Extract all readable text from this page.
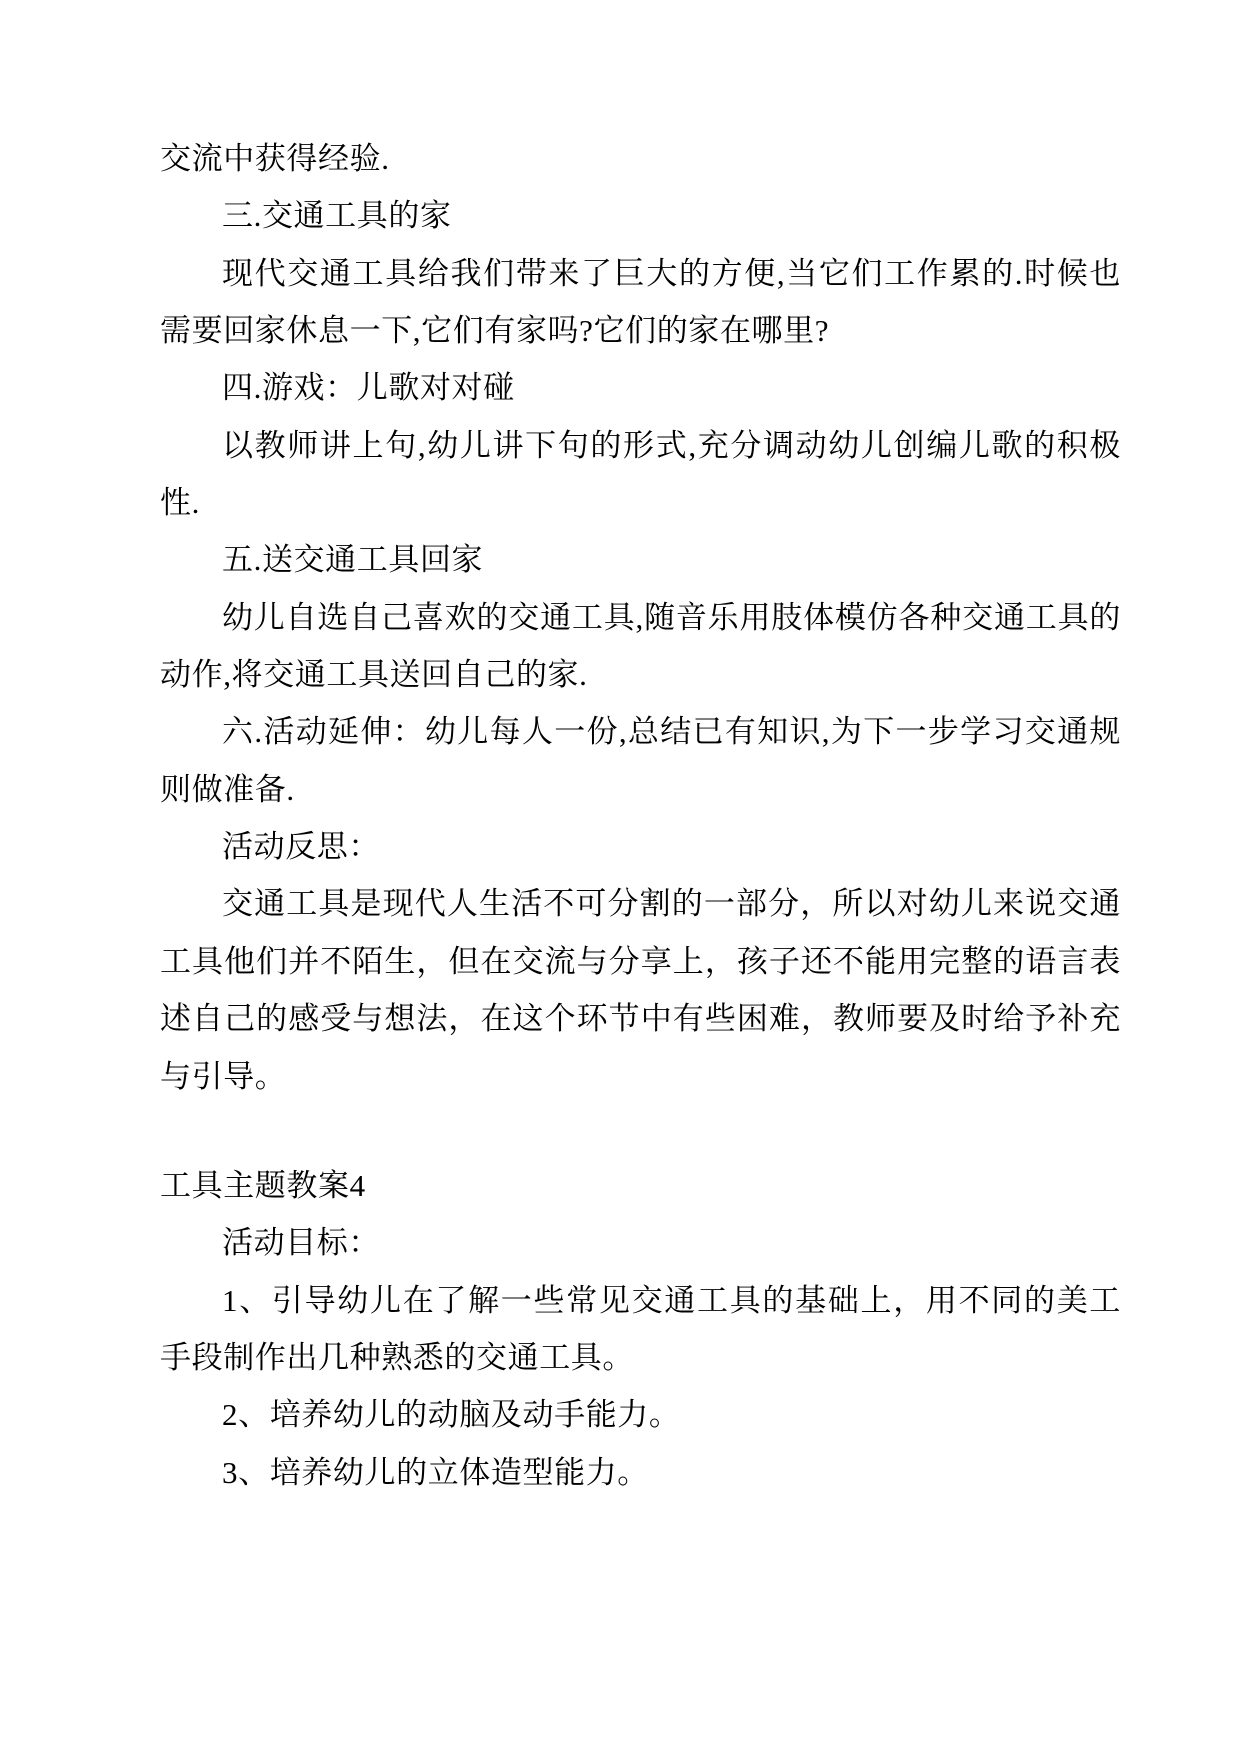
交流中获得经验.

三.交通工具的家

现代交通工具给我们带来了巨大的方便,当它们工作累的.时候也需要回家休息一下,它们有家吗?它们的家在哪里?

四.游戏：儿歌对对碰

以教师讲上句,幼儿讲下句的形式,充分调动幼儿创编儿歌的积极性.

五.送交通工具回家

幼儿自选自己喜欢的交通工具,随音乐用肢体模仿各种交通工具的动作,将交通工具送回自己的家.

六.活动延伸：幼儿每人一份,总结已有知识,为下一步学习交通规则做准备.

活动反思：

交通工具是现代人生活不可分割的一部分，所以对幼儿来说交通工具他们并不陌生，但在交流与分享上，孩子还不能用完整的语言表述自己的感受与想法，在这个环节中有些困难，教师要及时给予补充与引导。

工具主题教案4

活动目标：

1、引导幼儿在了解一些常见交通工具的基础上，用不同的美工手段制作出几种熟悉的交通工具。

2、培养幼儿的动脑及动手能力。

3、培养幼儿的立体造型能力。
